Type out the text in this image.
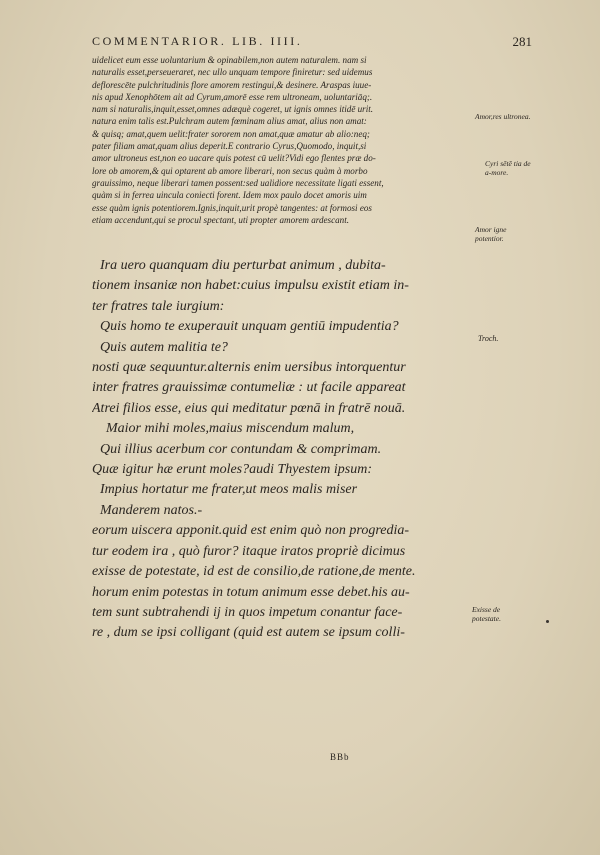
COMMENTARIOR. LIB. IIII.	281
uidelicet eum esse uoluntarium & opinabilem,non autem naturalem. nam si
naturalis esset,perseueraret, nec ullo unquam tempore finiretur: sed uidemus
deflorescēte pulchritudinis flore amorem restingui,& desinere. Araspas iuue-
nis apud Xenophōtem ait ad Cyrum,amorē esse rem ultroneam, uoluntariāq;.
nam si naturalis,inquit,esset,omnes adæquè cogeret, ut ignis omnes itidē urit.
natura enim talis est.Pulchram autem fœminam alius amat, alius non amat:
& quisq; amat,quem uelit:frater sororem non amat,quæ amatur ab alio:neq;
pater filiam amat,quam alius deperit.E contrario Cyrus,Quomodo, inquit,si
amor ultroneus est,non eo uacare quis potest cū uelit?Vidi ego flentes præ do-
lore ob amorem,& qui optarent ab amore liberari, non secus quàm à morbo
grauissimo, neque liberari tamen possent:sed ualidiore necessitate ligati essent,
quàm si in ferrea uincula coniecti forent. Idem mox paulo docet amoris uim
esse quàm ignis potentiorem.Ignis,inquit,urit propè tangentes: at formosi eos
etiam accendunt,qui se procul spectant, uti propter amorem ardescant.
Amor,res ultronea.
Cyri sētē tia de a-more.
Amor igne potentior.
Ira uero quanquam diu perturbat animum , dubita-
tionem insaniæ non habet:cuius impulsu existit etiam in-
ter fratres tale iurgium:
Quis homo te exuperauit unquam gentiū impudentia?
Quis autem malitia te?
nosti quæ sequuntur.alternis enim uersibus intorquentur
inter fratres grauissimæ contumeliæ : ut facile appareat
Atrei filios esse, eius qui meditatur pœnā in fratrē nouā.
Maior mihi moles,maius miscendum malum,
Qui illius acerbum cor contundam & comprimam.
Quæ igitur hæ erunt moles?audi Thyestem ipsum:
Impius hortatur me frater,ut meos malis miser
Manderem natos.-
eorum uiscera apponit.quid est enim quò non progredia-
tur eodem ira , quò furor? itaque iratos propriè dicimus
exisse de potestate, id est de consilio,de ratione,de mente.
horum enim potestas in totum animum esse debet.his au-
tem sunt subtrahendi ij in quos impetum conantur face-
re , dum se ipsi colligant (quid est autem se ipsum colli-
Troch.
Exisse de potestate.
BBb
